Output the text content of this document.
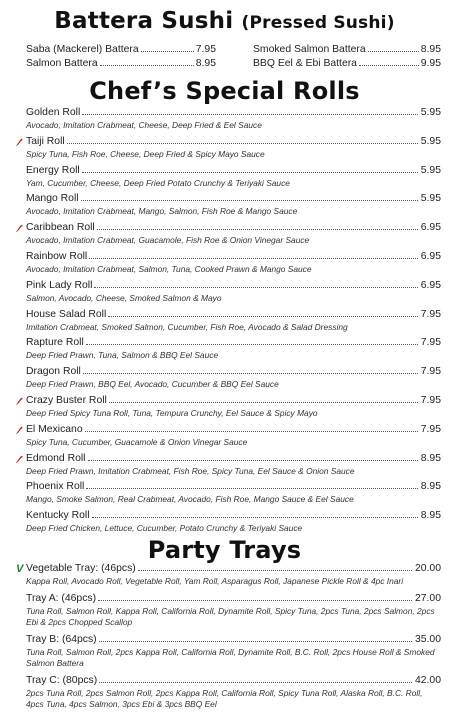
Battera Sushi (Pressed Sushi)
Saba (Mackerel) Battera	7.95
Salmon Battera	8.95
Smoked Salmon Battera	8.95
BBQ Eel & Ebi Battera	9.95
Chef’s Special Rolls
Golden Roll	5.95
Avocado, Imitation Crabmeat, Cheese, Deep Fried & Eel Sauce
Taiji Roll	5.95
Spicy Tuna, Fish Roe, Cheese, Deep Fried & Spicy Mayo Sauce
Energy Roll	5.95
Yam, Cucumber, Cheese, Deep Fried Potato Crunchy & Teriyaki Sauce
Mango Roll	5.95
Avocado, Imitation Crabmeat, Mango, Salmon, Fish Roe & Mango Sauce
Caribbean Roll	6.95
Avocado, Imitation Crabmeat, Guacamole, Fish Roe & Onion Vinegar Sauce
Rainbow Roll	6.95
Avocado, Imitation Crabmeat, Salmon, Tuna, Cooked Prawn & Mango Sauce
Pink Lady Roll	6.95
Salmon, Avocado, Cheese, Smoked Salmon & Mayo
House Salad Roll	7.95
Imitation Crabmeat, Smoked Salmon, Cucumber, Fish Roe, Avocado & Salad Dressing
Rapture Roll	7.95
Deep Fried Prawn, Tuna, Salmon & BBQ Eel Sauce
Dragon Roll	7.95
Deep Fried Prawn, BBQ Eel, Avocado, Cucumber & BBQ Eel Sauce
Crazy Buster Roll	7.95
Deep Fried Spicy Tuna Roll, Tuna, Tempura Crunchy, Eel Sauce & Spicy Mayo
El Mexicano	7.95
Spicy Tuna, Cucumber, Guacamole & Onion Vinegar Sauce
Edmond Roll	8.95
Deep Fried Prawn, Imitation Crabmeat, Fish Roe, Spicy Tuna, Eel Sauce & Onion Sauce
Phoenix Roll	8.95
Mango, Smoke Salmon, Real Crabmeat, Avocado, Fish Roe, Mango Sauce & Eel Sauce
Kentucky Roll	8.95
Deep Fried Chicken, Lettuce, Cucumber, Potato Crunchy & Teriyaki Sauce
Party Trays
V Vegetable Tray: (46pcs)	20.00
Kappa Roll, Avocado Roll, Vegetable Roll, Yam Roll, Asparagus Roll, Japanese Pickle Roll & 4pc Inari
Tray A: (46pcs)	27.00
Tuna Roll, Salmon Roll, Kappa Roll, California Roll, Dynamite Roll, Spicy Tuna, 2pcs Tuna, 2pcs Salmon, 2pcs Ebi & 2pcs Chopped Scallop
Tray B: (64pcs)	35.00
Tuna Roll, Salmon Roll, 2pcs Kappa Roll, California Roll, Dynamite Roll, B.C. Roll, 2pcs House Roll & Smoked Salmon Battera
Tray C: (80pcs)	42.00
2pcs Tuna Roll, 2pcs Salmon Roll, 2pcs Kappa Roll, California Roll, Spicy Tuna Roll, Alaska Roll, B.C. Roll, 4pcs Tuna, 4pcs Salmon, 3pcs Ebi & 3pcs BBQ Eel
